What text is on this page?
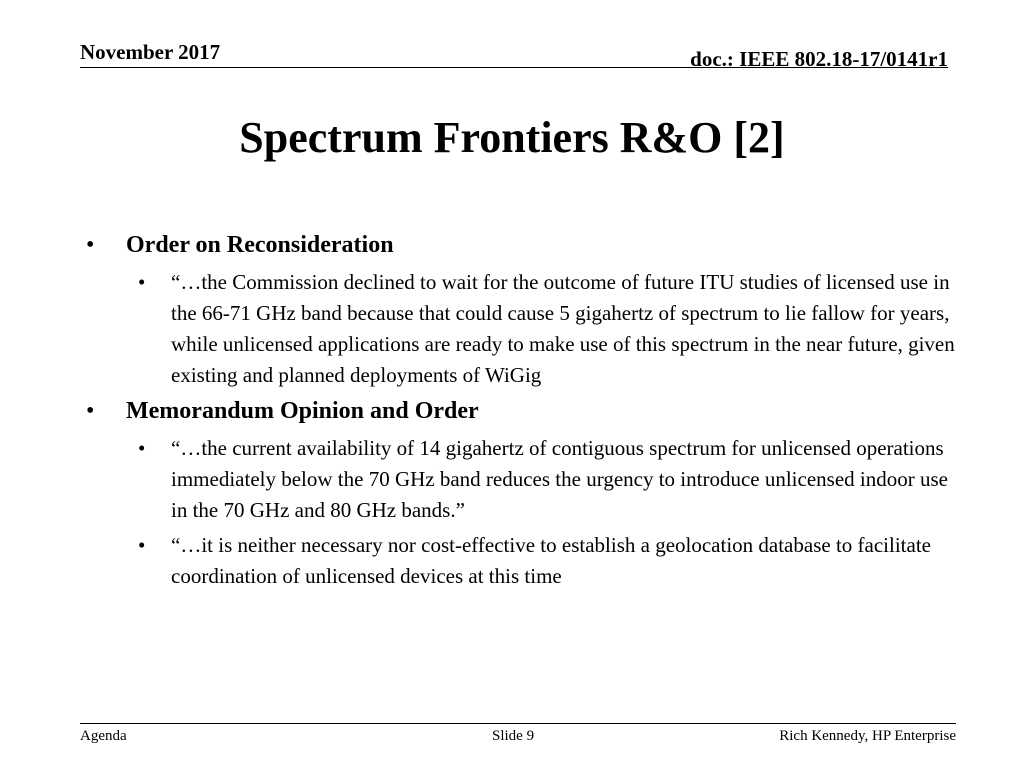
November 2017	doc.: IEEE 802.18-17/0141r1
Spectrum Frontiers R&O [2]
• Order on Reconsideration
• “…the Commission declined to wait for the outcome of future ITU studies of licensed use in the 66-71 GHz band because that could cause 5 gigahertz of spectrum to lie fallow for years, while unlicensed applications are ready to make use of this spectrum in the near future, given existing and planned deployments of WiGig
• Memorandum Opinion and Order
• “…the current availability of 14 gigahertz of contiguous spectrum for unlicensed operations immediately below the 70 GHz band reduces the urgency to introduce unlicensed indoor use in the 70 GHz and 80 GHz bands.”
• “…it is neither necessary nor cost-effective to establish a geolocation database to facilitate coordination of unlicensed devices at this time
Agenda	Slide 9	Rich Kennedy, HP Enterprise
